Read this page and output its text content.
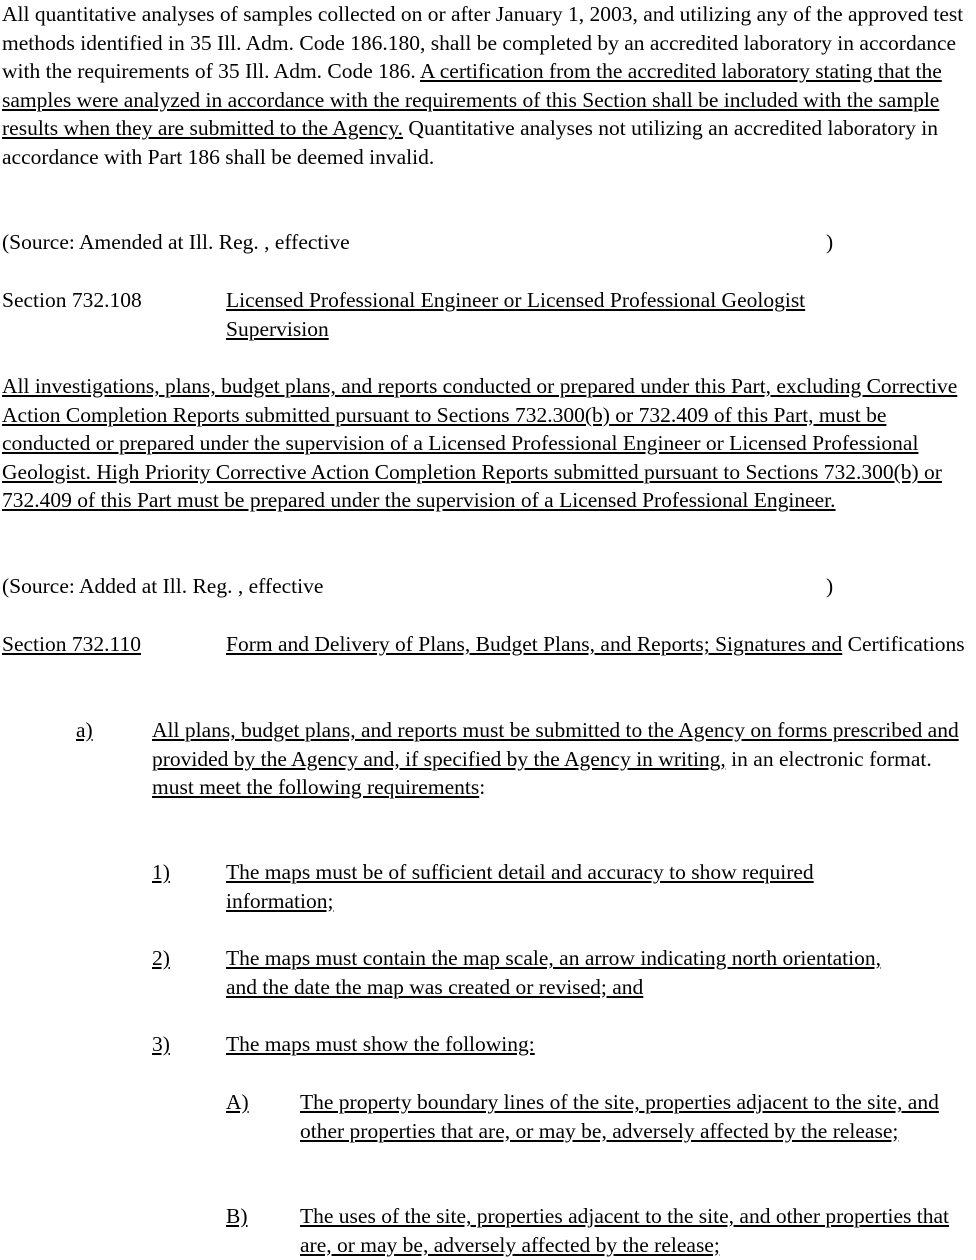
All quantitative analyses of samples collected on or after January 1, 2003, and utilizing any of the approved test methods identified in 35 Ill. Adm. Code 186.180, shall be completed by an accredited laboratory in accordance with the requirements of 35 Ill. Adm. Code 186. A certification from the accredited laboratory stating that the samples were analyzed in accordance with the requirements of this Section shall be included with the sample results when they are submitted to the Agency. Quantitative analyses not utilizing an accredited laboratory in accordance with Part 186 shall be deemed invalid.

(Source: Amended at Ill. Reg. , effective	)
Section 732.108	Licensed Professional Engineer or Licensed Professional Geologist Supervision

All investigations, plans, budget plans, and reports conducted or prepared under this Part, excluding Corrective Action Completion Reports submitted pursuant to Sections 732.300(b) or 732.409 of this Part, must be conducted or prepared under the supervision of a Licensed Professional Engineer or Licensed Professional Geologist. High Priority Corrective Action Completion Reports submitted pursuant to Sections 732.300(b) or 732.409 of this Part must be prepared under the supervision of a Licensed Professional Engineer.

(Source: Added at Ill. Reg. , effective	)
Section 732.110	Form and Delivery of Plans, Budget Plans, and Reports; Signatures and Certifications
a)	All plans, budget plans, and reports must be submitted to the Agency on forms prescribed and provided by the Agency and, if specified by the Agency in writing, in an electronic format.
must meet the following requirements:
1)	The maps must be of sufficient detail and accuracy to show required information;
2)	The maps must contain the map scale, an arrow indicating north orientation, and the date the map was created or revised; and
3)	The maps must show the following:
A)	The property boundary lines of the site, properties adjacent to the site, and other properties that are, or may be, adversely affected by the release;
B)	The uses of the site, properties adjacent to the site, and other properties that are, or may be, adversely affected by the release;
